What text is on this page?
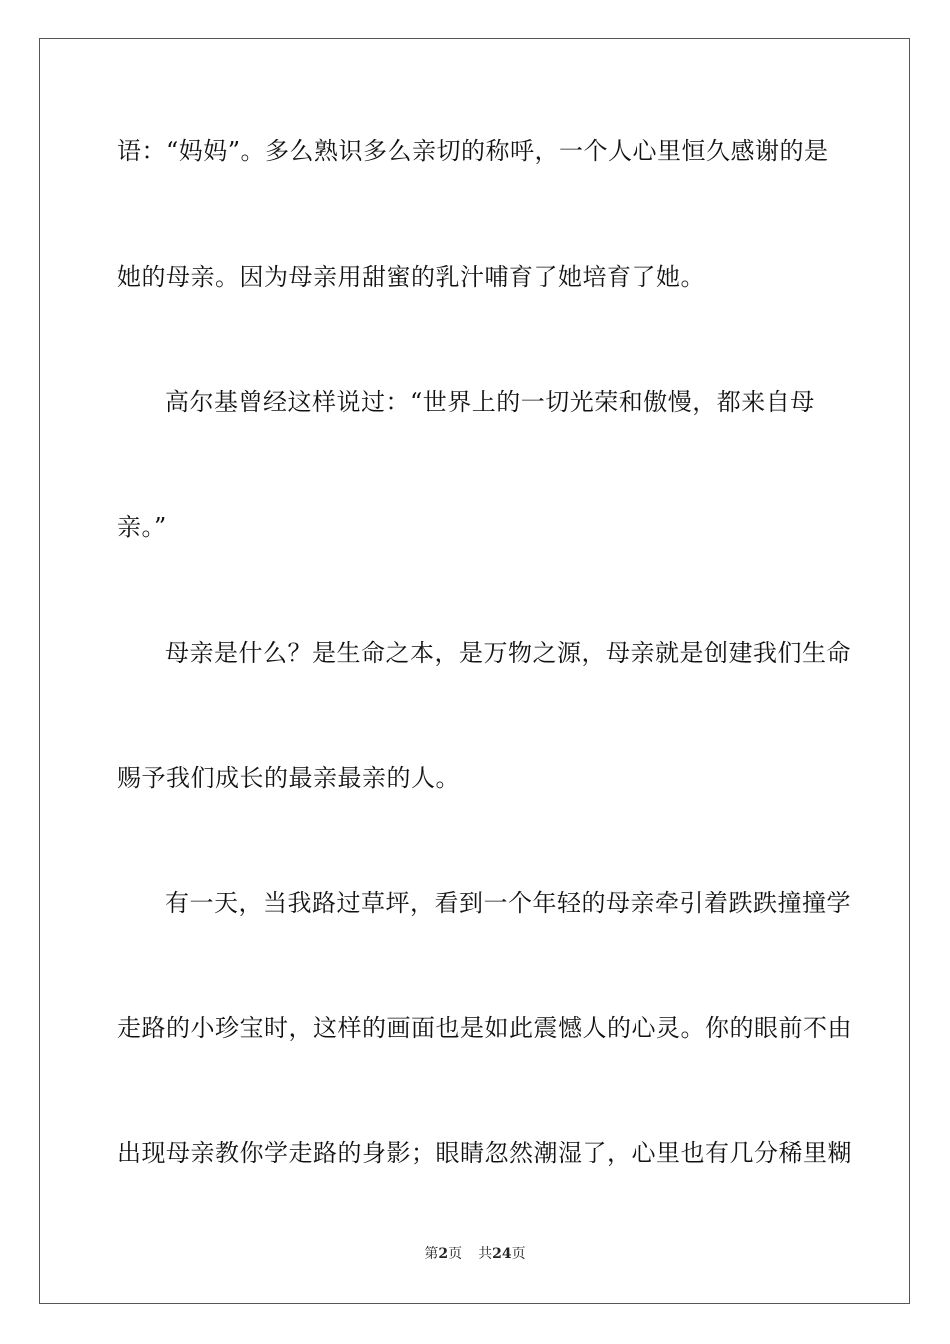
语：“妈妈”。多么熟识多么亲切的称呼，一个人心里恒久感谢的是
她的母亲。因为母亲用甜蜜的乳汁哺育了她培育了她。
高尔基曾经这样说过：“世界上的一切光荣和傲慢，都来自母
亲。”
母亲是什么？是生命之本，是万物之源，母亲就是创建我们生命
赐予我们成长的最亲最亲的人。
有一天，当我路过草坪，看到一个年轻的母亲牵引着跌跌撞撞学
走路的小珍宝时，这样的画面也是如此震憾人的心灵。你的眼前不由
出现母亲教你学走路的身影；眼睛忽然潮湿了，心里也有几分稀里糊
第2页 共24页
